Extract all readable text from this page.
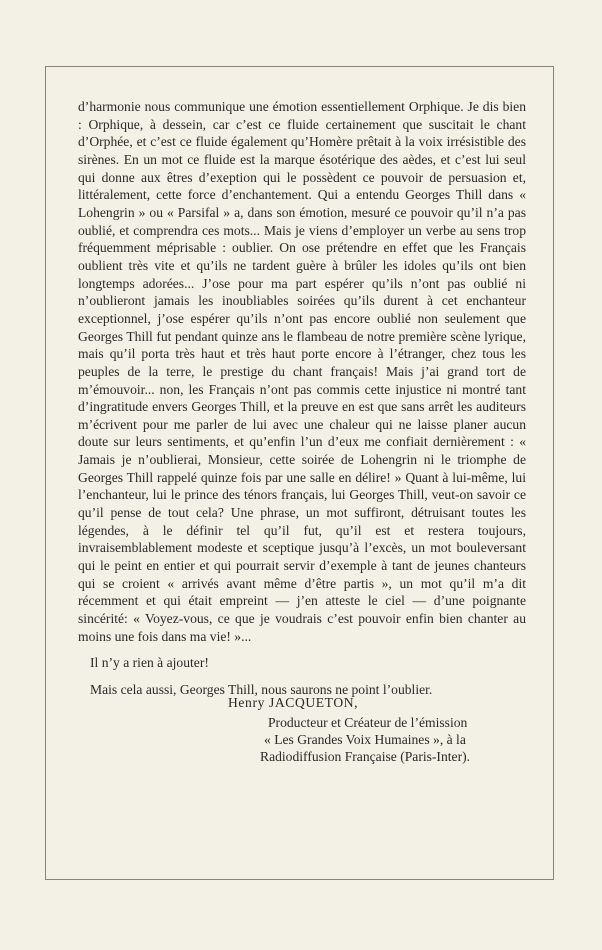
d’harmonie nous communique une émotion essentiellement Orphique. Je dis bien : Orphique, à dessein, car c’est ce fluide certainement que suscitait le chant d’Orphée, et c’est ce fluide également qu’Homère prêtait à la voix irrésistible des sirènes. En un mot ce fluide est la marque ésotérique des aèdes, et c’est lui seul qui donne aux êtres d’exeption qui le possèdent ce pouvoir de persuasion et, littéralement, cette force d’enchantement. Qui a entendu Georges Thill dans « Lohengrin » ou « Parsifal » a, dans son émotion, mesuré ce pouvoir qu’il n’a pas oublié, et comprendra ces mots... Mais je viens d’employer un verbe au sens trop fréquemment méprisable : oublier. On ose prétendre en effet que les Français oublient très vite et qu’ils ne tardent guère à brûler les idoles qu’ils ont bien longtemps adorées... J’ose pour ma part espérer qu’ils n’ont pas oublié ni n’oublieront jamais les inoubliables soirées qu’ils durent à cet enchanteur exceptionnel, j’ose espérer qu’ils n’ont pas encore oublié non seulement que Georges Thill fut pendant quinze ans le flambeau de notre première scène lyrique, mais qu’il porta très haut et très haut porte encore à l’étranger, chez tous les peuples de la terre, le prestige du chant français! Mais j’ai grand tort de m’émouvoir... non, les Français n’ont pas commis cette injustice ni montré tant d’ingratitude envers Georges Thill, et la preuve en est que sans arrêt les auditeurs m’écrivent pour me parler de lui avec une chaleur qui ne laisse planer aucun doute sur leurs sentiments, et qu’enfin l’un d’eux me confiait dernièrement : « Jamais je n’oublierai, Monsieur, cette soirée de Lohengrin ni le triomphe de Georges Thill rappelé quinze fois par une salle en délire! » Quant à lui-même, lui l’enchanteur, lui le prince des ténors français, lui Georges Thill, veut-on savoir ce qu’il pense de tout cela? Une phrase, un mot suffiront, détruisant toutes les légendes, à le définir tel qu’il fut, qu’il est et restera toujours, invraisemblablement modeste et sceptique jusqu’à l’excès, un mot bouleversant qui le peint en entier et qui pourrait servir d’exemple à tant de jeunes chanteurs qui se croient « arrivés avant même d’être partis », un mot qu’il m’a dit récemment et qui était empreint — j’en atteste le ciel — d’une poignante sincérité: « Voyez-vous, ce que je voudrais c’est pouvoir enfin bien chanter au moins une fois dans ma vie! »...

Il n’y a rien à ajouter!

Mais cela aussi, Georges Thill, nous saurons ne point l’oublier.

Henry JACQUETON,
Producteur et Créateur de l’émission
« Les Grandes Voix Humaines », à la
Radiodiffusion Française (Paris-Inter).
